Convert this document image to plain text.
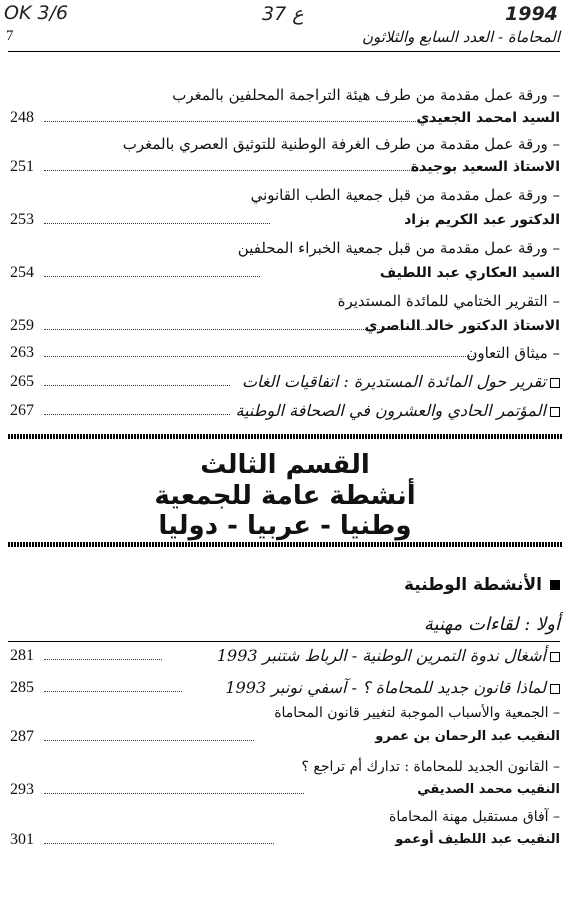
OK 3/6	37 ع	1994
المحاماة - العدد السابع والثلاثون
7
– ورقة عمل مقدمة من طرف هيئة التراجمة المحلفين بالمغرب
248	السيد امحمد الجعيدي
– ورقة عمل مقدمة من طرف الغرفة الوطنية للتوثيق العصري بالمغرب
251	الاستاذ السعيد بوجيدة
– ورقة عمل مقدمة من قبل جمعية الطب القانوني
253	الدكتور عبد الكريم بزاد
– ورقة عمل مقدمة من قبل جمعية الخبراء المحلفين
254	السيد العكاري عبد اللطيف
– التقرير الختامي للمائدة المستديرة
259	الاستاذ الدكتور خالد الناصري
263	– ميثاق التعاون
265	تقرير حول المائدة المستديرة : اتفاقيات الغات
267	المؤتمر الحادي والعشرون في الصحافة الوطنية
القسم الثالث
أنشطة عامة للجمعية
وطنيا - عربيا - دوليا
الأنشطة الوطنية
أولا : لقاءات مهنية
281	أشغال ندوة التمرين الوطنية - الرباط شتنبر 1993
285	لماذا قانون جديد للمحاماة ؟ - آسفي نونبر 1993
– الجمعية والأسباب الموجبة لتغيير قانون المحاماة
287	النقيب عبد الرحمان بن عمرو
– القانون الجديد للمحاماة : تدارك أم تراجع ؟
293	النقيب محمد الصديقي
– آفاق مستقبل مهنة المحاماة
301	النقيب عبد اللطيف أوعمو
